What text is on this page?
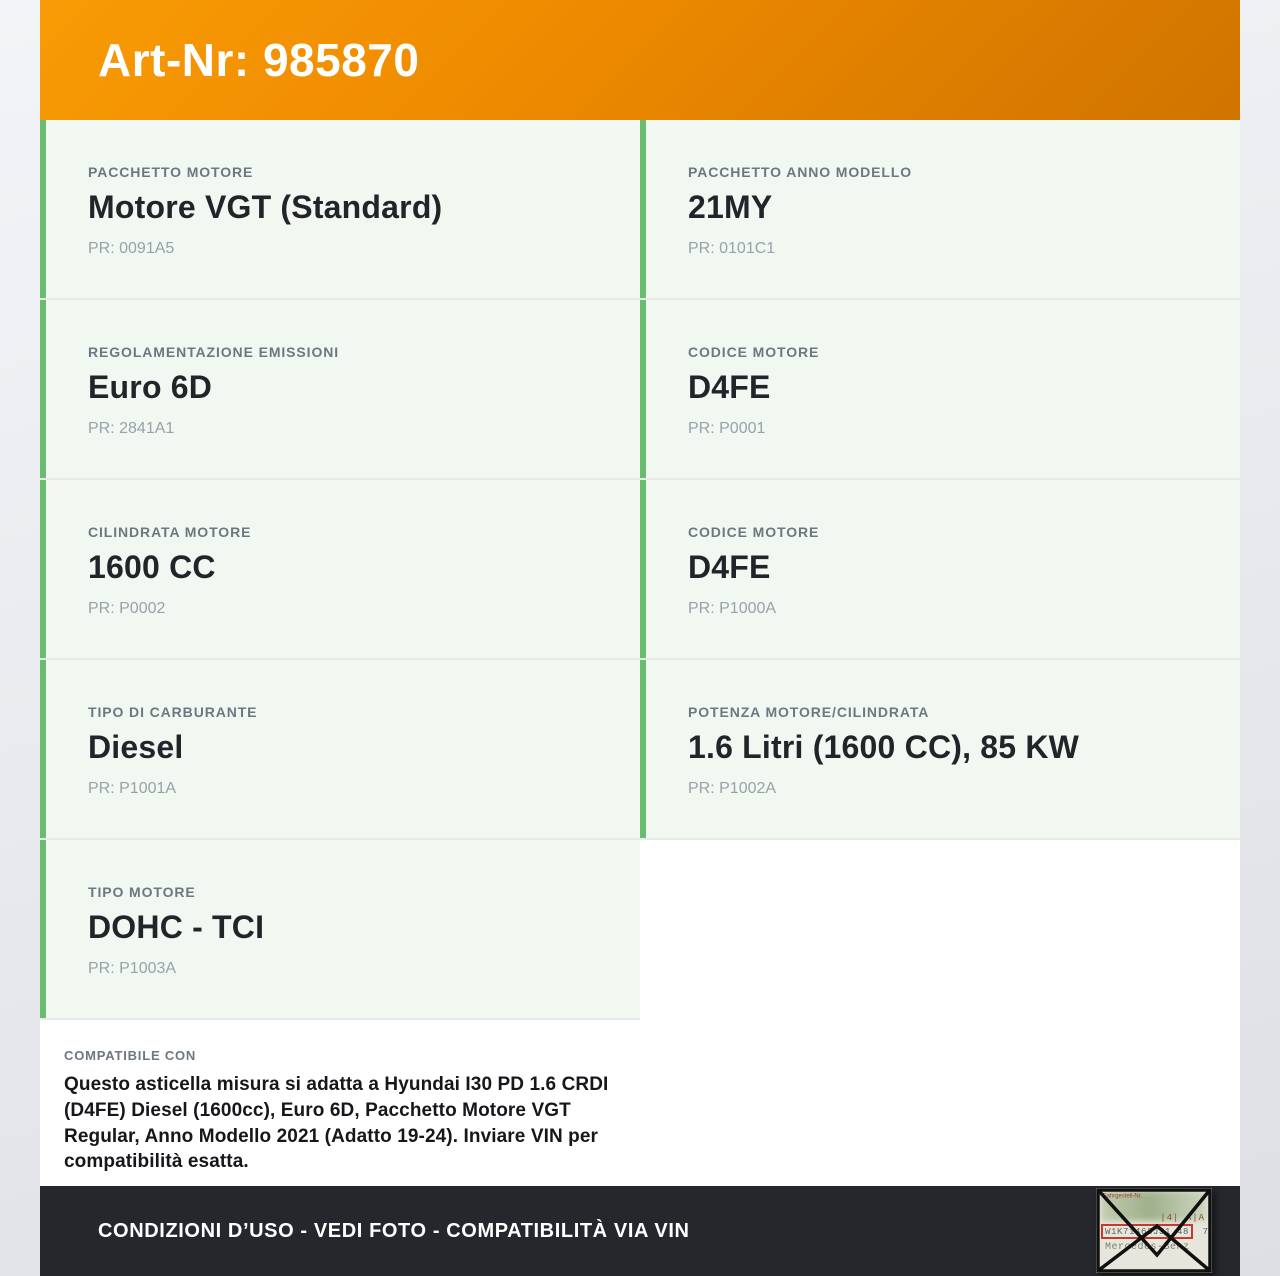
Art-Nr: 985870
PACCHETTO MOTORE
Motore VGT (Standard)
PR: 0091A5
PACCHETTO ANNO MODELLO
21MY
PR: 0101C1
REGOLAMENTAZIONE EMISSIONI
Euro 6D
PR: 2841A1
CODICE MOTORE
D4FE
PR: P0001
CILINDRATA MOTORE
1600 CC
PR: P0002
CODICE MOTORE
D4FE
PR: P1000A
TIPO DI CARBURANTE
Diesel
PR: P1001A
POTENZA MOTORE/CILINDRATA
1.6 Litri (1600 CC), 85 KW
PR: P1002A
TIPO MOTORE
DOHC - TCI
PR: P1003A
COMPATIBILE CON
Questo asticella misura si adatta a Hyundai I30 PD 1.6 CRDI (D4FE) Diesel (1600cc), Euro 6D, Pacchetto Motore VGT Regular, Anno Modello 2021 (Adatto 19-24). Inviare VIN per compatibilità esatta.
CONDIZIONI D’USO - VEDI FOTO - COMPATIBILITÀ VIA VIN
Fahrgestell-Nr.
|4| A|A
W1K71463J31 48 7
Mercedes-Benz
